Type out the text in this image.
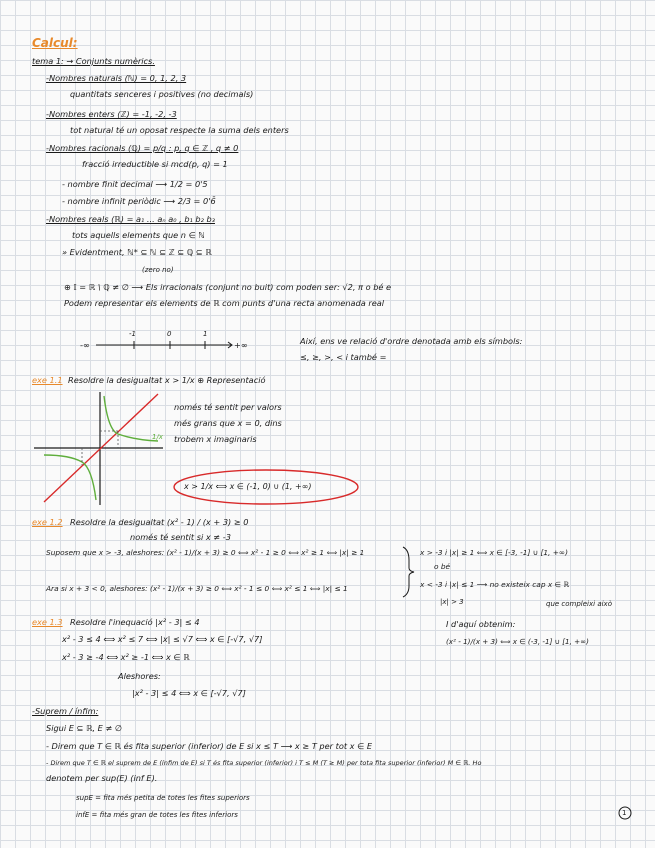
Calcul:
tema 1: → Conjunts numèrics.
-Nombres naturals (ℕ) = 0, 1, 2, 3
quantitats senceres i positives (no decimals)
-Nombres enters (ℤ) = -1, -2, -3
tot natural té un oposat respecte la suma dels enters
-Nombres racionals (ℚ) = p/q : p, q ∈ ℤ , q ≠ 0
fracció irreductible si mcd(p, q) = 1
- nombre finit decimal ⟶ 1/2 = 0'5
- nombre infinit periòdic ⟶ 2/3 = 0'6̄
-Nombres reals (ℝ) = a₁ ... aₙ a₀ , b₁ b₂ b₃
tots aquells elements que n ∈ ℕ
» Evidentment, ℕ* ⊆ ℕ ⊆ ℤ ⊆ ℚ ⊆ ℝ
(zero no)
⊕ 𝕀 = ℝ \ ℚ ≠ ∅ ⟶ Els irracionals (conjunt no buit) com poden ser: √2, π o bé e
Podem representar els elements de ℝ com punts d'una recta anomenada real
-∞	+∞
-1	0	1
Així, ens ve relació d'ordre denotada amb els símbols:
≤, ≥, >, < i també =
exe 1.1 Resoldre la desigualtat x > 1/x ⊕ Representació
només té sentit per valors
més grans que x = 0, dins
trobem x imaginaris
1/x
x > 1/x ⟺ x ∈ (-1, 0) ∪ (1, +∞)
exe 1.2 Resoldre la desigualtat (x² - 1) / (x + 3) ≥ 0
només té sentit si x ≠ -3
Suposem que x > -3, aleshores: (x² - 1)/(x + 3) ≥ 0 ⟺ x² - 1 ≥ 0 ⟺ x² ≥ 1 ⟺ |x| ≥ 1
Ara si x + 3 < 0, aleshores: (x² - 1)/(x + 3) ≥ 0 ⟺ x² - 1 ≤ 0 ⟺ x² ≤ 1 ⟺ |x| ≤ 1
x > -3 i |x| ≥ 1 ⟺ x ∈ [-3, -1] ∪ [1, +∞)
o bé
x < -3 i |x| ≤ 1 ⟶ no existeix cap x ∈ ℝ
|x| > 3	que compleixi això
exe 1.3 Resoldre l'inequació |x² - 3| ≤ 4
x² - 3 ≤ 4 ⟺ x² ≤ 7 ⟺ |x| ≤ √7 ⟺ x ∈ [-√7, √7]
x² - 3 ≥ -4 ⟺ x² ≥ -1 ⟺ x ∈ ℝ
Aleshores:
|x² - 3| ≤ 4 ⟺ x ∈ [-√7, √7]
I d'aquí obtenim:
(x² - 1)/(x + 3) ⟺ x ∈ (-3, -1] ∪ [1, +∞)
-Suprem / ínfim:
Sigui E ⊆ ℝ, E ≠ ∅
- Direm que T ∈ ℝ és fita superior (inferior) de E si x ≤ T ⟶ x ≥ T per tot x ∈ E
- Direm que T ∈ ℝ el suprem de E (ínfim de E) si T és fita superior (inferior) i T ≤ M (T ≥ M) per tota fita superior (inferior) M ∈ ℝ. Ho
denotem per sup(E) (inf E).
supE = fita més petita de totes les fites superiors
infE = fita més gran de totes les fites inferiors	1
